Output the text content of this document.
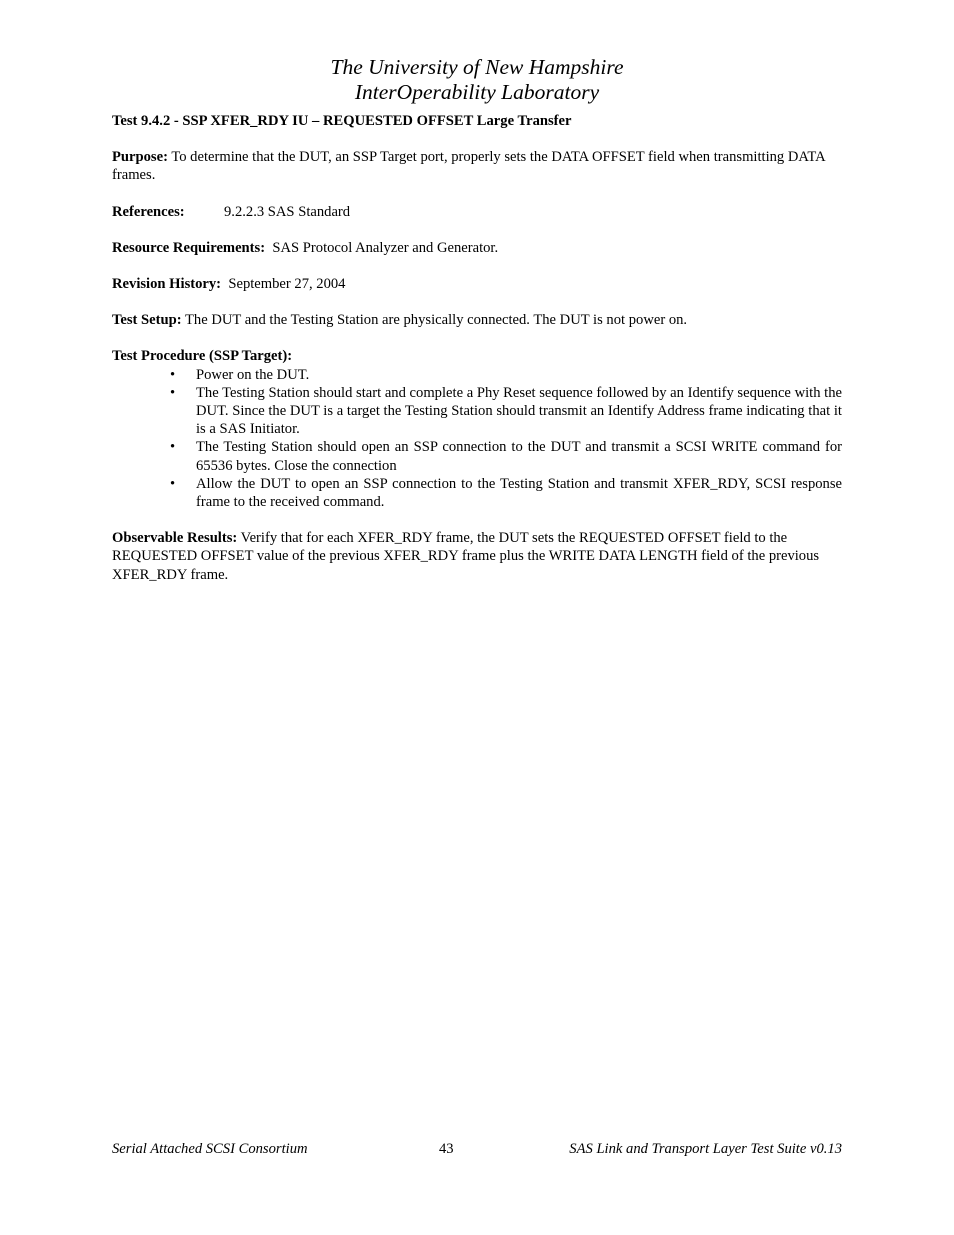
The University of New Hampshire
InterOperability Laboratory
Test 9.4.2 - SSP XFER_RDY IU – REQUESTED OFFSET Large Transfer
Purpose: To determine that the DUT, an SSP Target port, properly sets the DATA OFFSET field when transmitting DATA frames.
References:	9.2.2.3 SAS Standard
Resource Requirements:  SAS Protocol Analyzer and Generator.
Revision History:  September 27, 2004
Test Setup: The DUT and the Testing Station are physically connected. The DUT is not power on.
Test Procedure (SSP Target):
•	Power on the DUT.
•	The Testing Station should start and complete a Phy Reset sequence followed by an Identify sequence with the DUT. Since the DUT is a target the Testing Station should transmit an Identify Address frame indicating that it is a SAS Initiator.
•	The Testing Station should open an SSP connection to the DUT and transmit a SCSI WRITE command for 65536 bytes. Close the connection
•	Allow the DUT to open an SSP connection to the Testing Station and transmit XFER_RDY, SCSI response frame to the received command.
Observable Results: Verify that for each XFER_RDY frame, the DUT sets the REQUESTED OFFSET field to the REQUESTED OFFSET value of the previous XFER_RDY frame plus the WRITE DATA LENGTH field of the previous XFER_RDY frame.
Serial Attached SCSI Consortium	43	SAS Link and Transport Layer Test Suite v0.13
